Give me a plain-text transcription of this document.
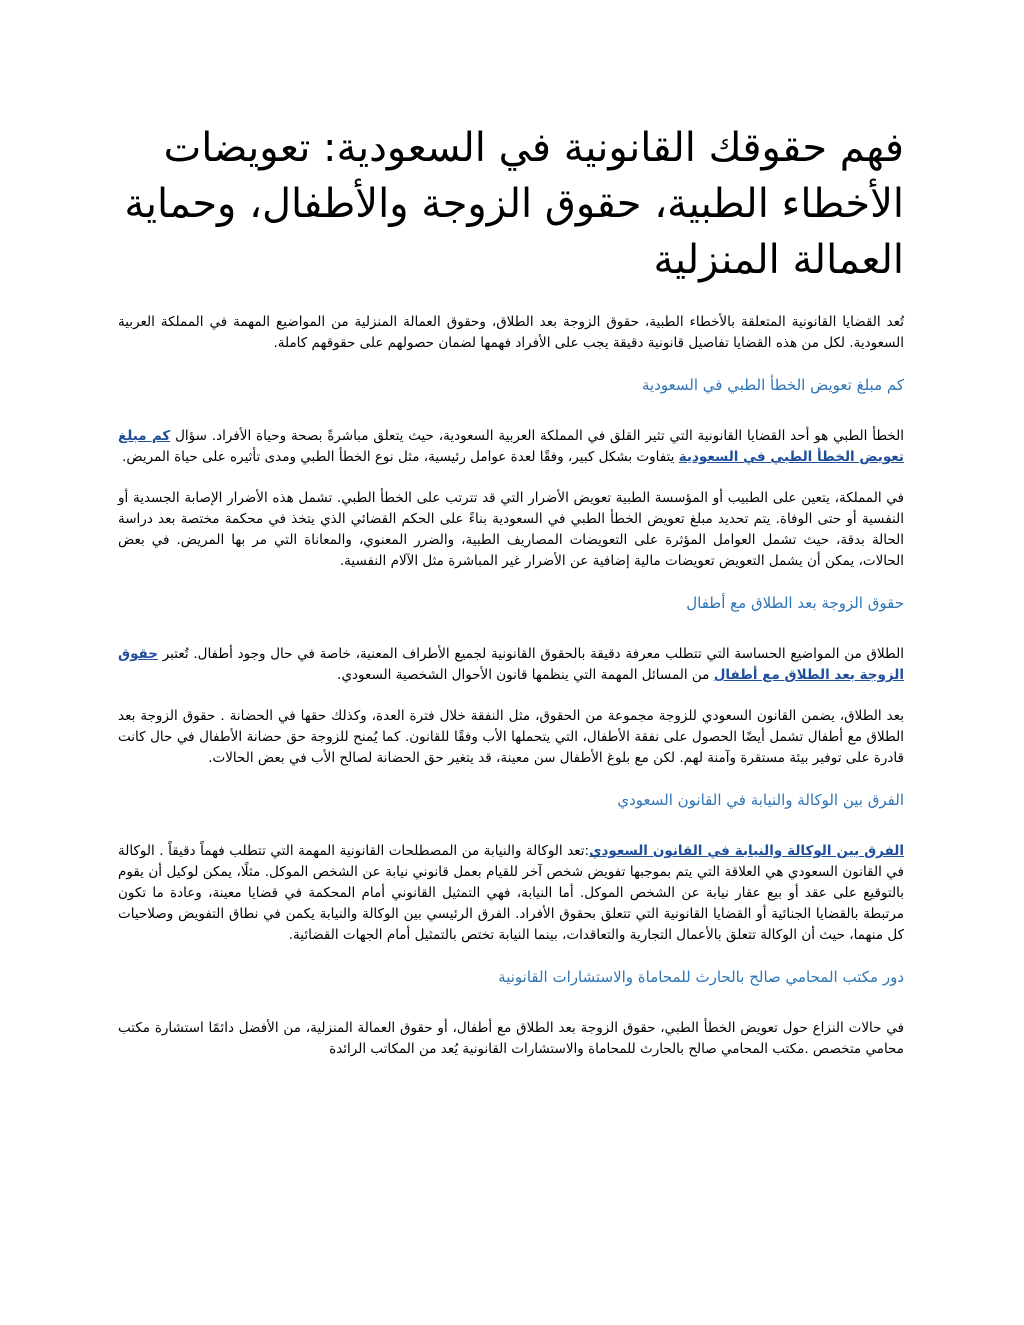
فهم حقوقك القانونية في السعودية: تعويضات الأخطاء الطبية، حقوق الزوجة والأطفال، وحماية العمالة المنزلية

تُعد القضايا القانونية المتعلقة بالأخطاء الطبية، حقوق الزوجة بعد الطلاق، وحقوق العمالة المنزلية من المواضيع المهمة في المملكة العربية السعودية. لكل من هذه القضايا تفاصيل قانونية دقيقة يجب على الأفراد فهمها لضمان حصولهم على حقوقهم كاملة.

كم مبلغ تعويض الخطأ الطبي في السعودية

الخطأ الطبي هو أحد القضايا القانونية التي تثير القلق في المملكة العربية السعودية، حيث يتعلق مباشرةً بصحة وحياة الأفراد. سؤال كم مبلغ تعويض الخطأ الطبي في السعودية يتفاوت بشكل كبير، وفقًا لعدة عوامل رئيسية، مثل نوع الخطأ الطبي ومدى تأثيره على حياة المريض.

في المملكة، يتعين على الطبيب أو المؤسسة الطبية تعويض الأضرار التي قد تترتب على الخطأ الطبي. تشمل هذه الأضرار الإصابة الجسدية أو النفسية أو حتى الوفاة. يتم تحديد مبلغ تعويض الخطأ الطبي في السعودية بناءً على الحكم القضائي الذي يتخذ في محكمة مختصة بعد دراسة الحالة بدقة، حيث تشمل العوامل المؤثرة على التعويضات المصاريف الطبية، والضرر المعنوي، والمعاناة التي مر بها المريض. في بعض الحالات، يمكن أن يشمل التعويض تعويضات مالية إضافية عن الأضرار غير المباشرة مثل الآلام النفسية.

حقوق الزوجة بعد الطلاق مع أطفال

الطلاق من المواضيع الحساسة التي تتطلب معرفة دقيقة بالحقوق القانونية لجميع الأطراف المعنية، خاصة في حال وجود أطفال. تُعتبر حقوق الزوجة بعد الطلاق مع أطفال من المسائل المهمة التي ينظمها قانون الأحوال الشخصية السعودي.

بعد الطلاق، يضمن القانون السعودي للزوجة مجموعة من الحقوق، مثل النفقة خلال فترة العدة، وكذلك حقها في الحضانة . حقوق الزوجة بعد الطلاق مع أطفال تشمل أيضًا الحصول على نفقة الأطفال، التي يتحملها الأب وفقًا للقانون. كما يُمنح للزوجة حق حضانة الأطفال في حال كانت قادرة على توفير بيئة مستقرة وآمنة لهم. لكن مع بلوغ الأطفال سن معينة، قد يتغير حق الحضانة لصالح الأب في بعض الحالات.

الفرق بين الوكالة والنيابة في القانون السعودي

الفرق بين الوكالة والنيابة في القانون السعودي:تعد الوكالة والنيابة من المصطلحات القانونية المهمة التي تتطلب فهماً دقيقاً . الوكالة في القانون السعودي هي العلاقة التي يتم بموجبها تفويض شخص آخر للقيام بعمل قانوني نيابة عن الشخص الموكل. مثلًا، يمكن لوكيل أن يقوم بالتوقيع على عقد أو بيع عقار نيابة عن الشخص الموكل. أما النيابة، فهي التمثيل القانوني أمام المحكمة في قضايا معينة، وعادة ما تكون مرتبطة بالقضايا الجنائية أو القضايا القانونية التي تتعلق بحقوق الأفراد. الفرق الرئيسي بين الوكالة والنيابة يكمن في نطاق التفويض وصلاحيات كل منهما، حيث أن الوكالة تتعلق بالأعمال التجارية والتعاقدات، بينما النيابة تختص بالتمثيل أمام الجهات القضائية.

دور مكتب المحامي صالح بالحارث للمحاماة والاستشارات القانونية

في حالات النزاع حول تعويض الخطأ الطبي، حقوق الزوجة بعد الطلاق مع أطفال، أو حقوق العمالة المنزلية، من الأفضل دائمًا استشارة مكتب محامي متخصص .مكتب المحامي صالح بالحارث للمحاماة والاستشارات القانونية يُعد من المكاتب الرائدة
